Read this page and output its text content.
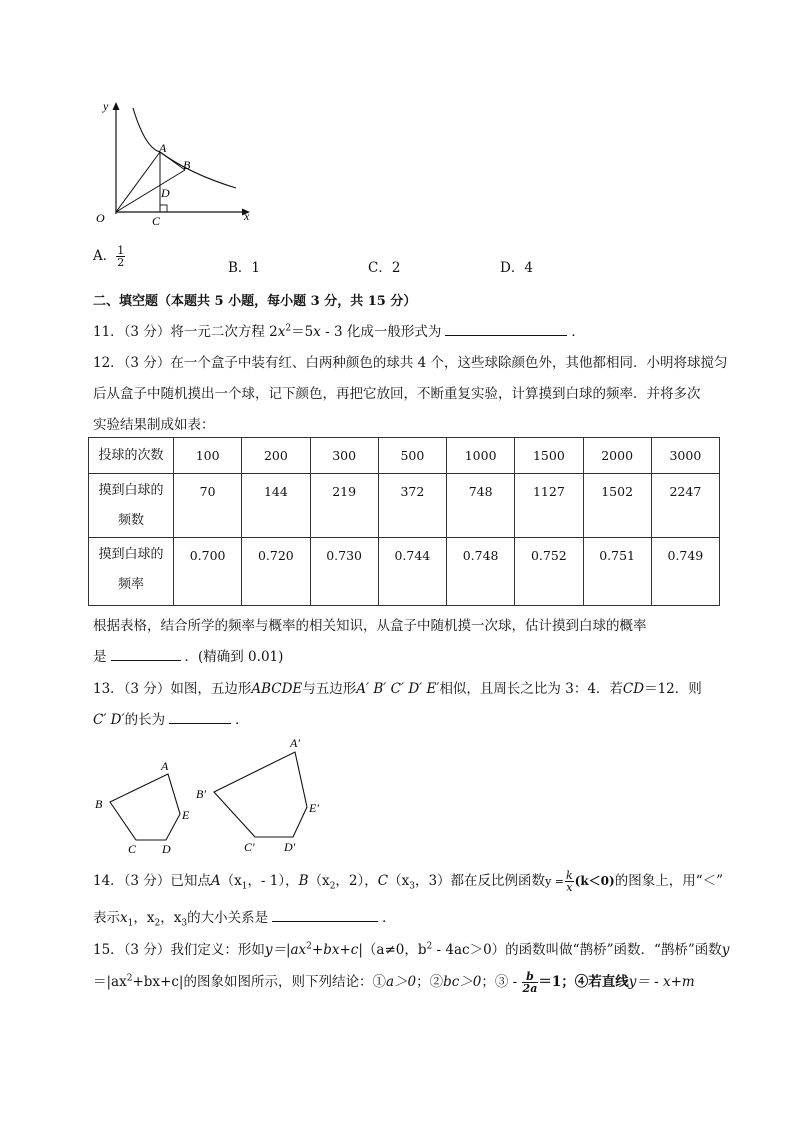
y
x
O
A
B
D
C
A． $\frac{1}{2}$	B．1	C．2	D．4
二、填空题（本题共 5 小题，每小题 3 分，共 15 分）
11．（3 分）将一元二次方程 $2x^2=5x - 3$ 化成一般形式为	．
12．（3 分）在一个盒子中装有红、白两种颜色的球共 4 个，这些球除颜色外，其他都相同．小明将球搅匀
后从盒子中随机摸出一个球，记下颜色，再把它放回，不断重复实验，计算摸到白球的频率．并将多次
实验结果制成如表：
投球的次数	100	200	300	500	1000	1500	2000	3000

摸到白球的
频数	70	144	219	372	748	1127	1502	2247

摸到白球的
频率	0.700	0.720	0.730	0.744	0.748	0.752	0.751	0.749
根据表格，结合所学的频率与概率的相关知识，从盒子中随机摸一次球，估计摸到白球的概率
是	．(精确到 0.01)
13．（3 分）如图，五边形ABCDE与五边形A′ B′ C′ D′ E′相似，且周长之比为 3：4．若CD＝12．则
C′ D′的长为	．
A
B
E
C D
A′
B′
E′
C′ D′
14．（3 分）已知点$A(x_1$，- 1），$B(x_2$，2），$C(x_3$，3）都在反比例函数$y = \frac{k}{x} (k<0)$的图象上，用“＜”
表示$x_1$，$x_2$，$x_3$的大小关系是	．
15．（3 分）我们定义：形如$y=|ax^2+bx+c|(a\ne 0$，$b^2 - 4ac>0$）的函数叫做“鹊桥”函数．“鹊桥”函数y
$=|ax^2+bx+c|$的图象如图所示，则下列结论：①a＞0；②bc＞0；③ - $\frac{b}{2a} =1$；④若直线y＝ - x+m
